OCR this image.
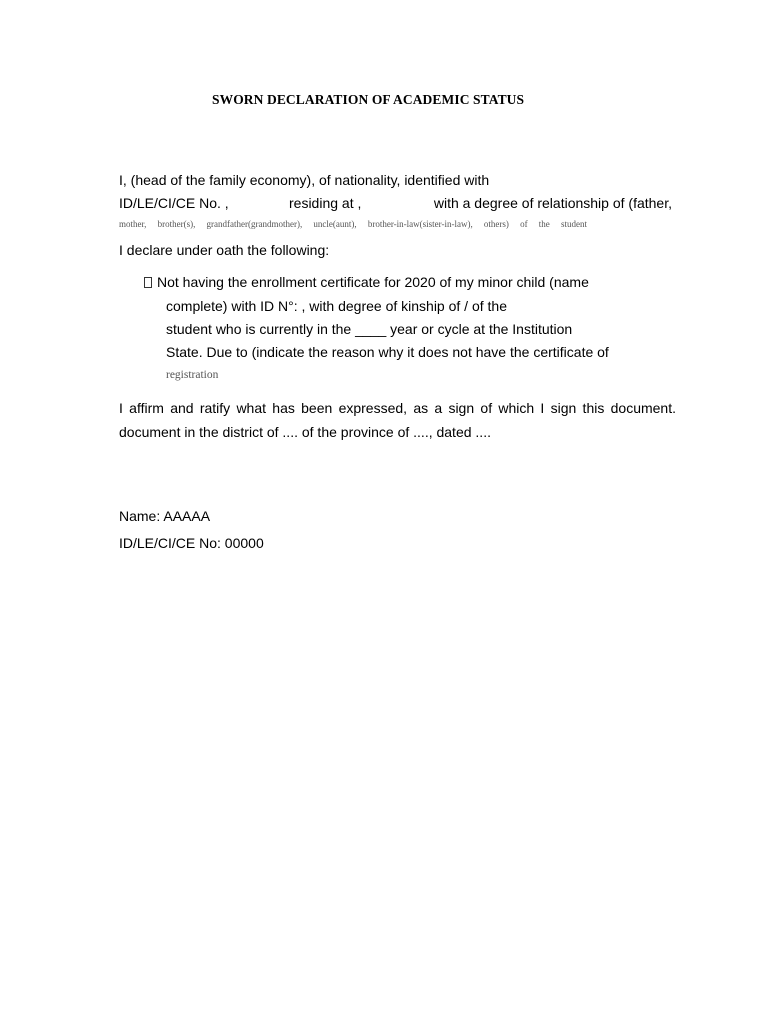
SWORN DECLARATION OF ACADEMIC STATUS
I, (head of the family economy), of nationality, identified with
ID/LE/CI/CE No. ,	residing at ,	with a degree of relationship of (father,
mother, brother(s), grandfather(grandmother), uncle(aunt), brother-in-law(sister-in-law), others) of the student
I declare under oath the following:
Not having the enrollment certificate for 2020 of my minor child (name
complete) with ID N°: , with degree of kinship of / of the
student who is currently in the ____ year or cycle at the Institution
State. Due to (indicate the reason why it does not have the certificate of
registration
I affirm and ratify what has been expressed, as a sign of which I sign this document.
document in the district of .... of the province of ...., dated ....
Name: AAAAA
ID/LE/CI/CE No: 00000
